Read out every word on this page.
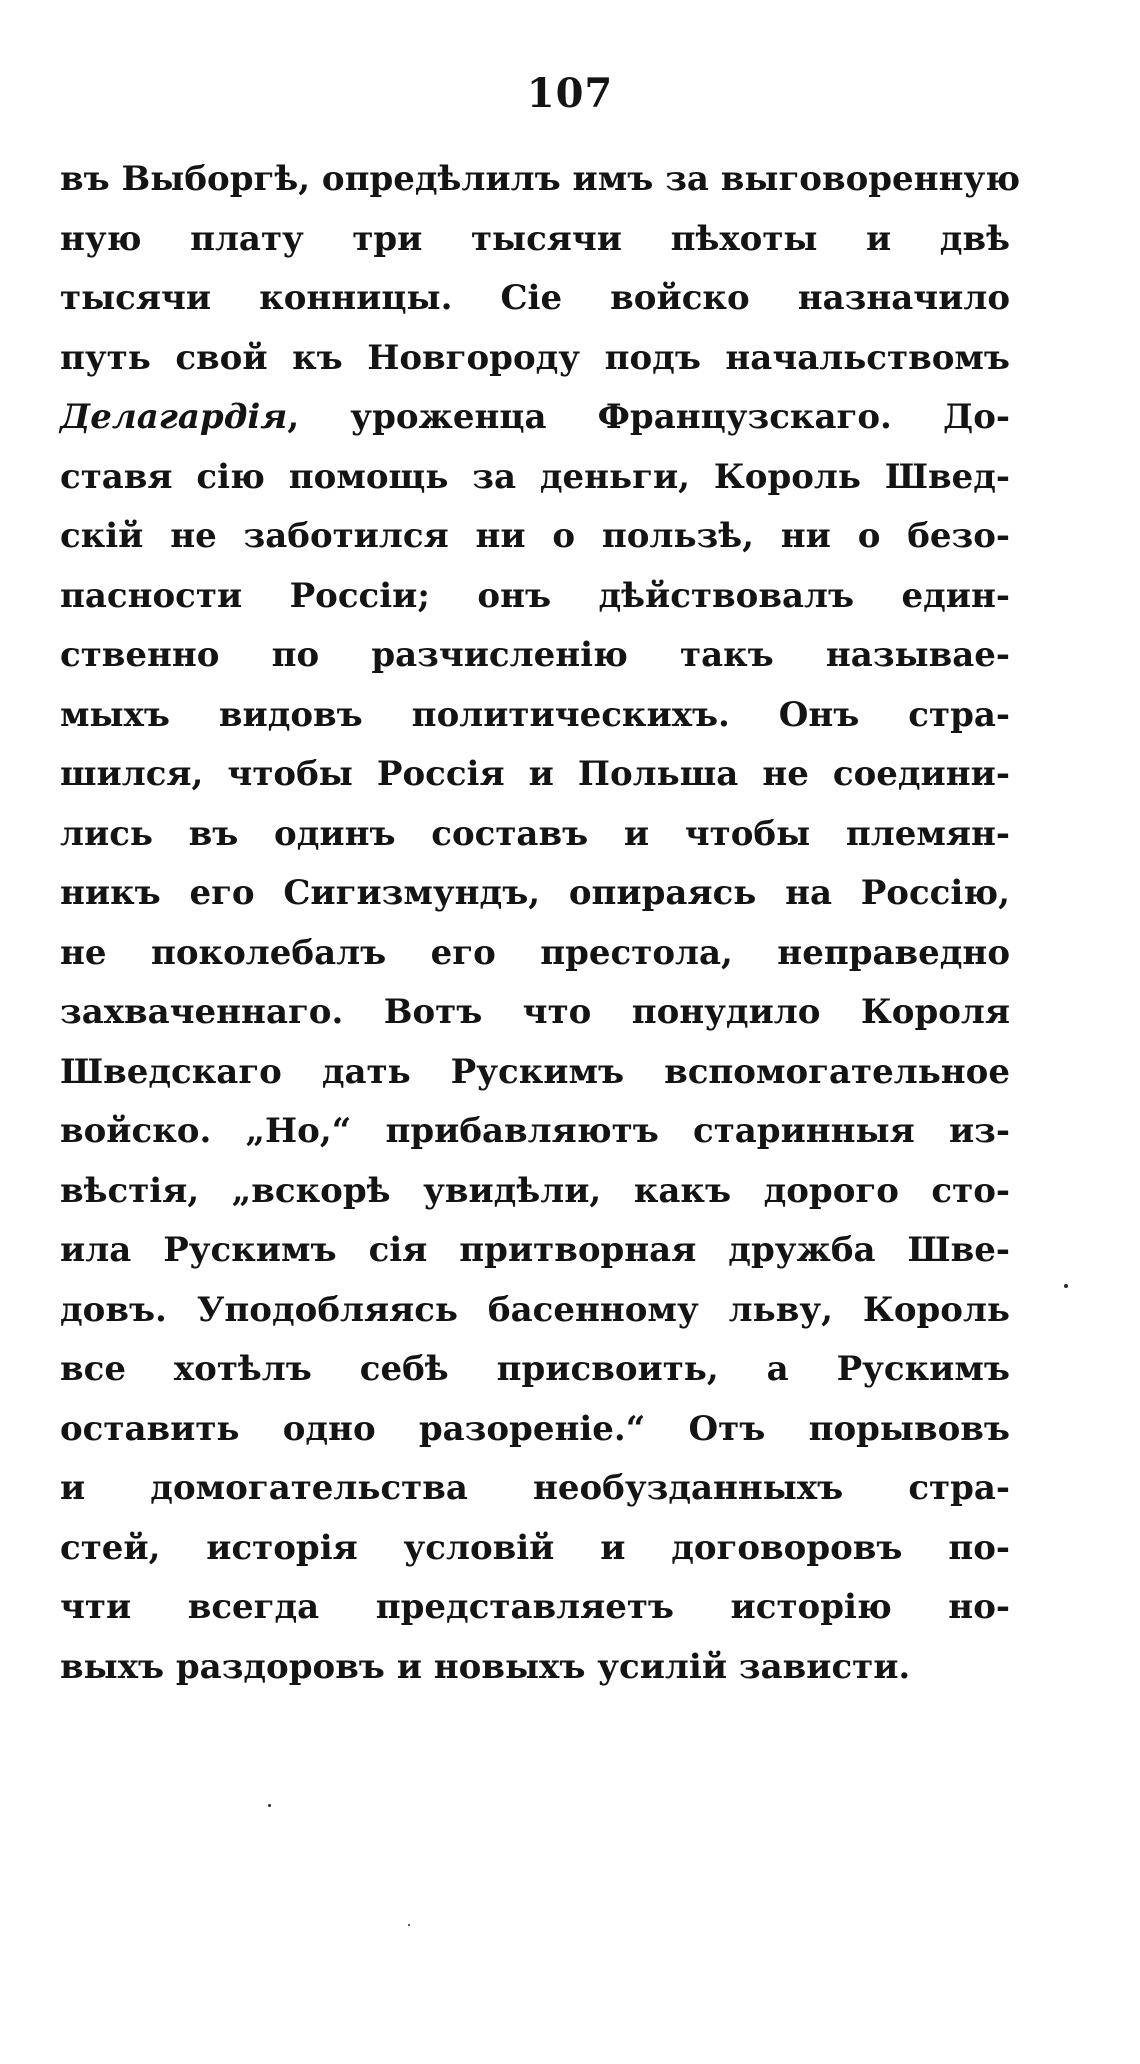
107
въ Выборгѣ, опредѣлилъ имъ за выговоренную
ную плату три тысячи пѣхоты и двѣ
тысячи конницы. Сiе войско назначило
путь свой къ Новгороду подъ начальствомъ
Делагардiя, уроженца Французскаго. До-
ставя сiю помощь за деньги, Король Швед-
скiй не заботился ни о пользѣ, ни о безо-
пасности Россiи; онъ дѣйствовалъ един-
ственно по разчисленiю такъ называе-
мыхъ видовъ политическихъ. Онъ стра-
шился, чтобы Россiя и Польша не соедини-
лись въ одинъ составъ и чтобы племян-
никъ его Сигизмундъ, опираясь на Россiю,
не поколебалъ его престола, неправедно
захваченнаго. Вотъ что понудило Короля
Шведскаго дать Рускимъ вспомогательное
войско. „Но,“ прибавляютъ старинныя из-
вѣстiя, „вскорѣ увидѣли, какъ дорого сто-
ила Рускимъ сiя притворная дружба Шве-
довъ. Уподобляясь басенному льву, Король
все хотѣлъ себѣ присвоить, а Рускимъ
оставить одно разоренiе.“ Отъ порывовъ
и домогательства необузданныхъ стра-
стей, исторiя условiй и договоровъ по-
чти всегда представляетъ исторiю но-
выхъ раздоровъ и новыхъ усилiй зависти.
